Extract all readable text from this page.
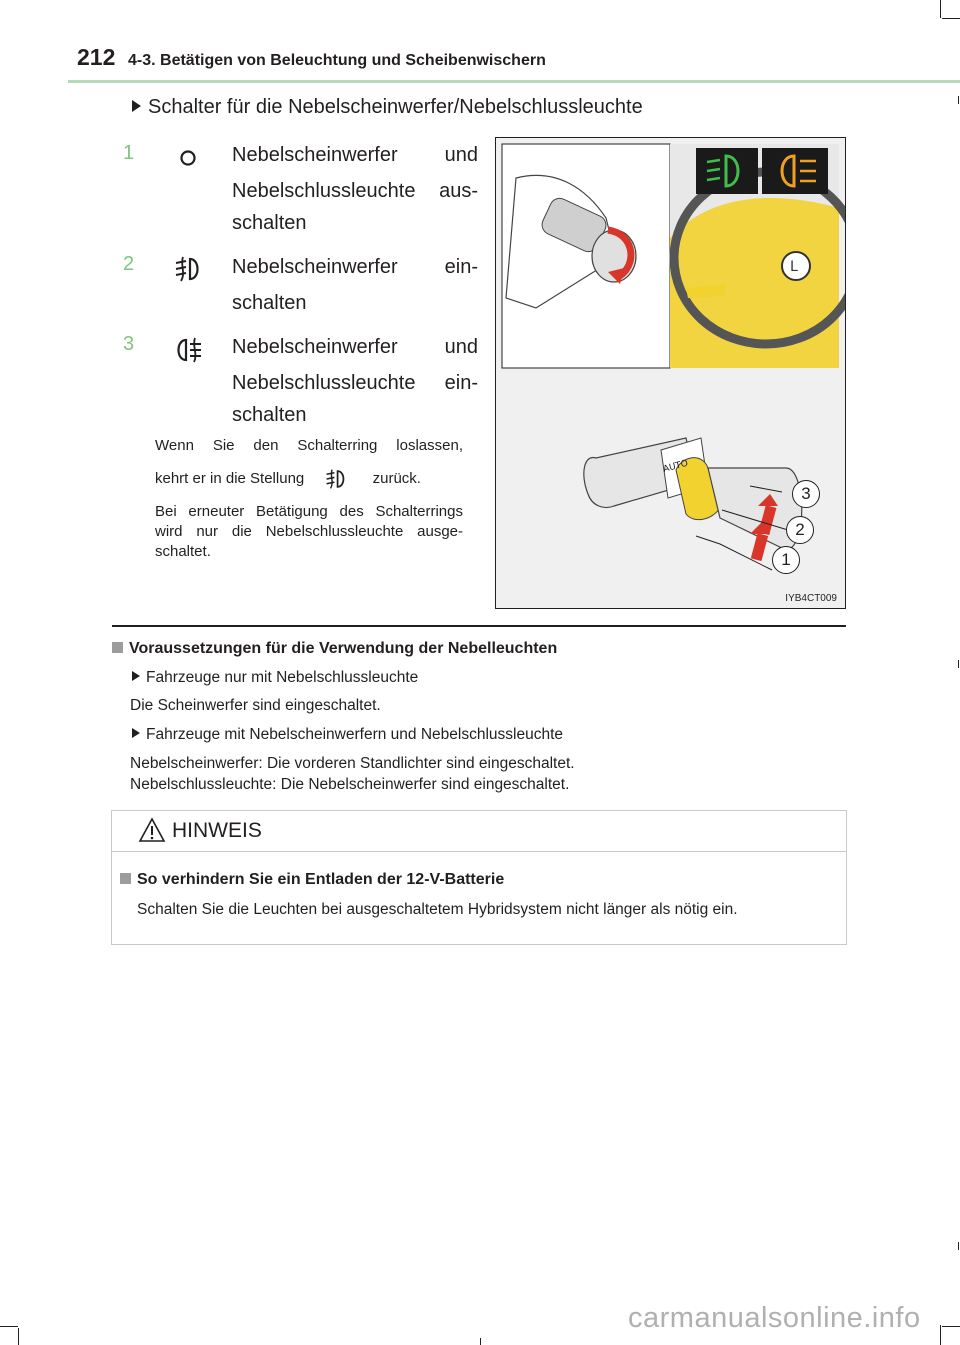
212 4-3. Betätigen von Beleuchtung und Scheibenwischern
Schalter für die Nebelscheinwerfer/Nebelschlussleuchte
1	Nebelscheinwerfer und
Nebelschlussleuchte aus-
schalten
2	Nebelscheinwerfer ein-
schalten
3	Nebelscheinwerfer und
Nebelschlussleuchte ein-
schalten
Wenn Sie den Schalterring loslassen,
kehrt er in die Stellung	zurück.
Bei erneuter Betätigung des Schalterrings
wird nur die Nebelschlussleuchte ausge-
schaltet.
L
AUTO
3
2
1
IYB4CT009
Voraussetzungen für die Verwendung der Nebelleuchten
Fahrzeuge nur mit Nebelschlussleuchte
Die Scheinwerfer sind eingeschaltet.
Fahrzeuge mit Nebelscheinwerfern und Nebelschlussleuchte
Nebelscheinwerfer: Die vorderen Standlichter sind eingeschaltet.
Nebelschlussleuchte: Die Nebelscheinwerfer sind eingeschaltet.
HINWEIS
So verhindern Sie ein Entladen der 12-V-Batterie
Schalten Sie die Leuchten bei ausgeschaltetem Hybridsystem nicht länger als nötig ein.
carmanualsonline.info
